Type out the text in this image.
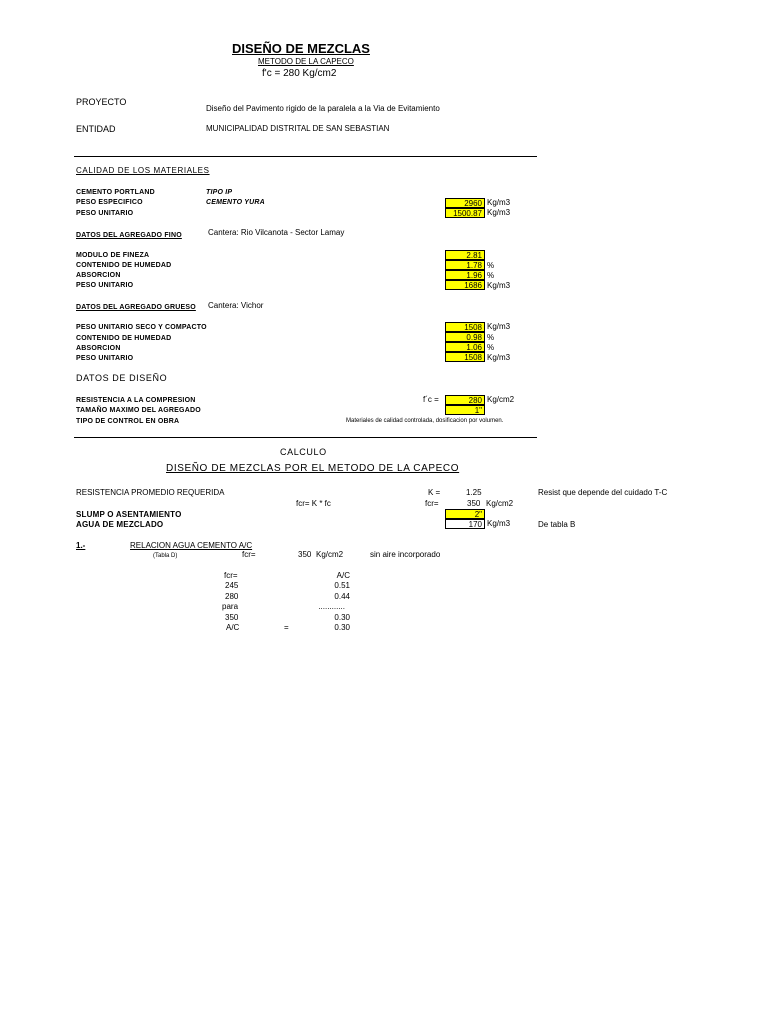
DISEÑO DE MEZCLAS
METODO DE LA CAPECO
f'c = 280 Kg/cm2
PROYECTO
Diseño del Pavimento rigido de la paralela a la Via de Evitamiento
ENTIDAD	MUNICIPALIDAD DISTRITAL DE SAN SEBASTIAN
CALIDAD DE LOS MATERIALES
CEMENTO PORTLAND	TIPO IP
PESO ESPECIFICO	CEMENTO YURA	2960 Kg/m3
PESO UNITARIO	1500.87 Kg/m3
DATOS DEL AGREGADO FINO	Cantera: Rio Vilcanota - Sector Lamay
MODULO DE FINEZA	2.81
CONTENIDO DE HUMEDAD	1.78 %
ABSORCION	1.96 %
PESO UNITARIO	1686 Kg/m3
DATOS DEL AGREGADO GRUESO Cantera: Vichor
PESO UNITARIO SECO Y COMPACTO	1508 Kg/m3
CONTENIDO DE HUMEDAD	0.98 %
ABSORCION	1.06 %
PESO UNITARIO	1508 Kg/m3
DATOS DE DISEÑO
RESISTENCIA A LA COMPRESION	f´c =	280 Kg/cm2
TAMAÑO MAXIMO DEL AGREGADO	1"
TIPO DE CONTROL EN OBRA	Materiales de calidad controlada, dosificacion por volumen.
CALCULO
DISEÑO DE MEZCLAS POR EL METODO DE LA CAPECO
RESISTENCIA PROMEDIO REQUERIDA	K =	1.25	Resist que depende del cuidado T-C
fcr= K * fc	fcr=	350 Kg/cm2
SLUMP O ASENTAMIENTO	2"
AGUA DE MEZCLADO	170 Kg/m3	De tabla B
1.-	RELACION AGUA CEMENTO A/C
(Tabla D)	fcr=	350 Kg/cm2	sin aire incorporado
fcr=	A/C
245	0.51
280	0.44
para	............
350	0.30
A/C	=	0.30
